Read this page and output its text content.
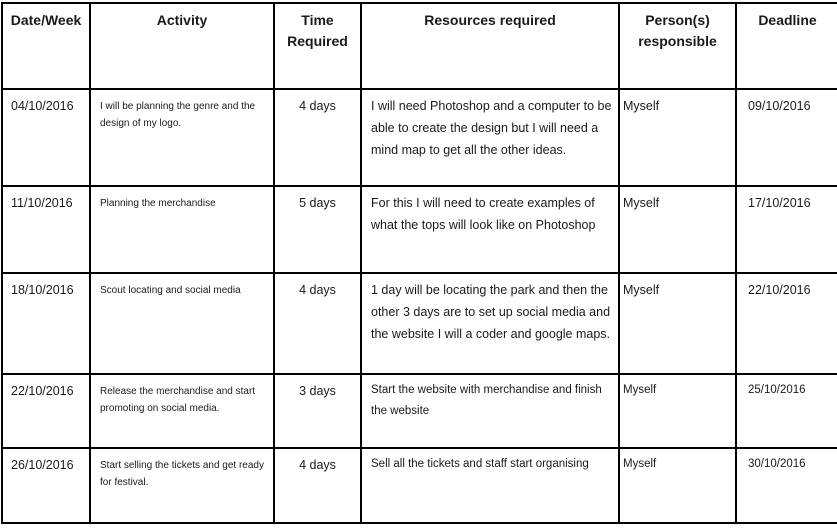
Date/Week	Activity	Time Required	Resources required	Person(s) responsible	Deadline
04/10/2016	I will be planning the genre and the design of my logo.	4 days	I will need Photoshop and a computer to be able to create the design but I will need a mind map to get all the other ideas.	Myself	09/10/2016
11/10/2016	Planning the merchandise	5 days	For this I will need to create examples of what the tops will look like on Photoshop	Myself	17/10/2016
18/10/2016	Scout locating and social media	4 days	1 day will be locating the park and then the other 3 days are to set up social media and the website I will a coder and google maps.	Myself	22/10/2016
22/10/2016	Release the merchandise and start promoting on social media.	3 days	Start the website with merchandise and finish the website	Myself	25/10/2016
26/10/2016	Start selling the tickets and get ready for festival.	4 days	Sell all the tickets and staff start organising	Myself	30/10/2016
